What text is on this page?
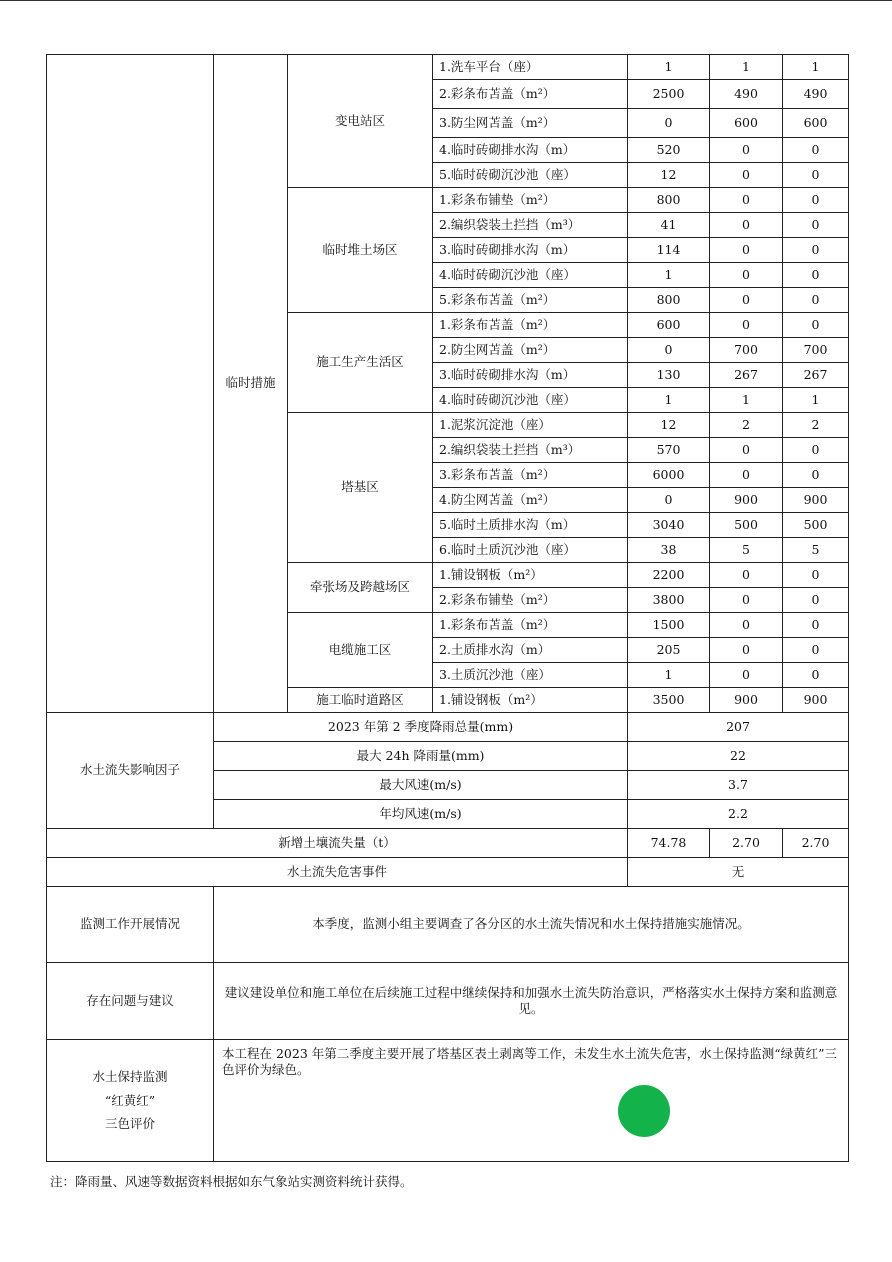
	临时措施	变电站区	1.洗车平台（座）	1	1	1
			2.彩条布苫盖（m²）	2500	490	490
			3.防尘网苫盖（m²）	0	600	600
			4.临时砖砌排水沟（m）	520	0	0
			5.临时砖砌沉沙池（座）	12	0	0
		临时堆土场区	1.彩条布铺垫（m²）	800	0	0
			2.编织袋装土拦挡（m³）	41	0	0
			3.临时砖砌排水沟（m）	114	0	0
			4.临时砖砌沉沙池（座）	1	0	0
			5.彩条布苫盖（m²）	800	0	0
		施工生产生活区	1.彩条布苫盖（m²）	600	0	0
			2.防尘网苫盖（m²）	0	700	700
			3.临时砖砌排水沟（m）	130	267	267
			4.临时砖砌沉沙池（座）	1	1	1
		塔基区	1.泥浆沉淀池（座）	12	2	2
			2.编织袋装土拦挡（m³）	570	0	0
			3.彩条布苫盖（m²）	6000	0	0
			4.防尘网苫盖（m²）	0	900	900
			5.临时土质排水沟（m）	3040	500	500
			6.临时土质沉沙池（座）	38	5	5
		牵张场及跨越场区	1.铺设钢板（m²）	2200	0	0
			2.彩条布铺垫（m²）	3800	0	0
		电缆施工区	1.彩条布苫盖（m²）	1500	0	0
			2.土质排水沟（m）	205	0	0
			3.土质沉沙池（座）	1	0	0
		施工临时道路区	1.铺设钢板（m²）	3500	900	900
水土流失影响因子	2023 年第 2 季度降雨总量(mm)			207		
	最大 24h 降雨量(mm)			22		
	最大风速(m/s)			3.7		
	年均风速(m/s)			2.2		
新增土壤流失量（t）				74.78	2.70	2.70
水土流失危害事件				无		
监测工作开展情况	本季度，监测小组主要调查了各分区的水土流失情况和水土保持措施实施情况。					
存在问题与建议	建议建设单位和施工单位在后续施工过程中继续保持和加强水土流失防治意识，严格落实水土保持方案和监测意见。					

水土保持监测
“红黄红”
三色评价	本工程在 2023 年第二季度主要开展了塔基区表土剥离等工作，未发生水土流失危害，水土保持监测“绿黄红”三色评价为绿色。					
注：降雨量、风速等数据资料根据如东气象站实测资料统计获得。
